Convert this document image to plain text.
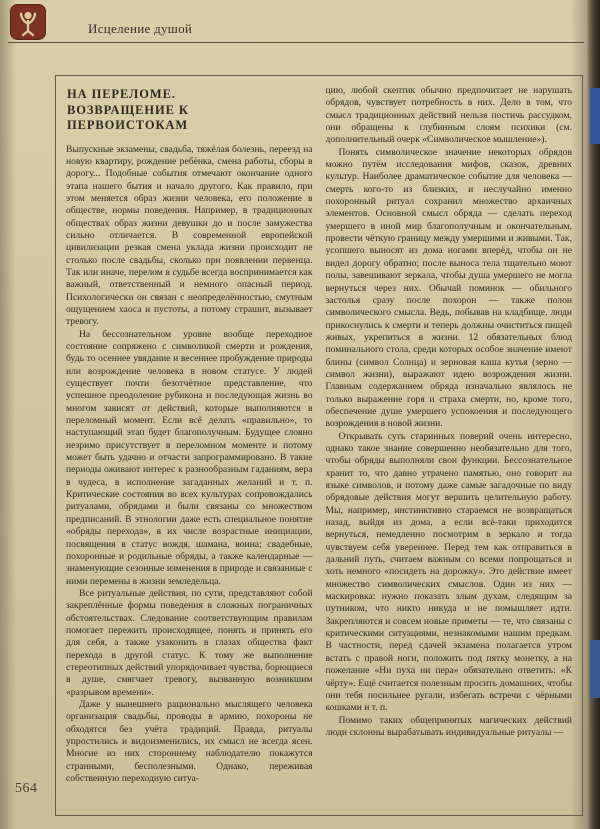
Исцеление душой
НА ПЕРЕЛОМЕ.
ВОЗВРАЩЕНИЕ К ПЕРВОИСТОКАМ

Выпускные экзамены, свадьба, тяжёлая болезнь, переезд на новую квартиру, рождение ребёнка, смена работы, сборы в дорогу... Подобные события отмечают окончание одного этапа нашего бытия и начало другого. Как правило, при этом меняется образ жизни человека, его положение в обществе, нормы поведения. Например, в традиционных обществах образ жизни девушки до и после замужества сильно отличается. В современной европейской цивилизации резкая смена уклада жизни происходит не столько после свадьбы, сколько при появлении первенца. Так или иначе, перелом в судьбе всегда воспринимается как важный, ответственный и немного опасный период. Психологически он связан с неопределённостью, смутным ощущением хаоса и пустоты, а потому страшит, вызывает тревогу.

На бессознательном уровне вообще переходное состояние сопряжено с символикой смерти и рождения, будь то осеннее увядание и весеннее пробуждение природы или возрождение человека в новом статусе. У людей существует почти безотчётное представление, что успешное преодоление рубикона и последующая жизнь во многом зависят от действий, которые выполняются в переломный момент. Если всё делать «правильно», то наступающий этап будет благополучным. Будущее словно незримо присутствует в переломном моменте и потому может быть удачно и отчасти запрограммировано. В такие периоды оживают интерес к разнообразным гаданиям, вера в чудеса, в исполнение загаданных желаний и т. п. Критические состояния во всех культурах сопровождались ритуалами, обрядами и были связаны со множеством предписаний. В этнологии даже есть специальное понятие «обряды перехода», в их числе возрастные инициации, посвящения в статус вождя, шамана, воина; свадебные, похоронные и родильные обряды, а также календарные — знаменующие сезонные изменения в природе и связанные с ними перемены в жизни земледельца.

Все ритуальные действия, по сути, представляют собой закреплённые формы поведения в сложных пограничных обстоятельствах. Следование соответствующим правилам помогает пережить происходящее, понять и принять его для себя, а также узаконить в глазах общества факт перехода в другой статус. К тому же выполнение стереотипных действий упорядочивает чувства, борющиеся в душе, смягчает тревогу, вызванную возникшим «разрывом времени».

Даже у нынешнего рационально мыслящего человека организация свадьбы, проводы в армию, похороны не обходятся без учёта традиций. Правда, ритуалы упростились и видоизменились, их смысл не всегда ясен. Многие из них стороннему наблюдателю покажутся странными, бесполезными. Однако, переживая собственную переходную ситуа-

цию, любой скептик обычно предпочитает не нарушать обрядов, чувствует потребность в них. Дело в том, что смысл традиционных действий нельзя постичь рассудком, они обращены к глубинным слоям психики (см. дополнительный очерк «Символическое мышление»).

Понять символическое значение некоторых обрядов можно путём исследования мифов, сказок, древних культур. Наиболее драматическое событие для человека — смерть кого-то из близких, и неслучайно именно похоронный ритуал сохранил множество архаичных элементов. Основной смысл обряда — сделать переход умершего в иной мир благополучным и окончательным, провести чёткую границу между умершими и живыми. Так, усопшего выносят из дома ногами вперёд, чтобы он не видел дорогу обратно; после выноса тела тщательно моют полы, завешивают зеркала, чтобы душа умершего не могла вернуться через них. Обычай поминок — обильного застолья сразу после похорон — также полон символического смысла. Ведь, побывав на кладбище, люди прикоснулись к смерти и теперь должны очиститься пищей живых, укрепиться в жизни. 12 обязательных блюд поминального стола, среди которых особое значение имеют блины (символ Солнца) и зерновая каша кутья (зерно — символ жизни), выражают идею возрождения жизни. Главным содержанием обряда изначально являлось не только выражение горя и страха смерти, но, кроме того, обеспечение душе умершего успокоения и последующего возрождения в новой жизни.

Открывать суть старинных поверий очень интересно, однако такое знание совершенно необязательно для того, чтобы обряды выполняли свои функции. Бессознательное хранит то, что давно утрачено памятью, оно говорит на языке символов, и потому даже самые загадочные по виду обрядовые действия могут вершить целительную работу. Мы, например, инстинктивно стараемся не возвращаться назад, выйдя из дома, а если всё-таки приходится вернуться, немедленно посмотрим в зеркало и тогда чувствуем себя увереннее. Перед тем как отправиться в дальний путь, считаем важным со всеми попрощаться и хоть немного «посидеть на дорожку». Это действие имеет множество символических смыслов. Один из них — маскировка: нужно показать злым духам, следящим за путником, что никто никуда и не помышляет идти. Закрепляются и совсем новые приметы — те, что связаны с критическими ситуациями, незнакомыми нашим предкам. В частности, перед сдачей экзамена полагается утром встать с правой ноги, положить под пятку монетку, а на пожелание «Ни пуха ни пера» обязательно ответить: «К чёрту». Ещё считается полезным просить домашних, чтобы они тебя посильнее ругали, избегать встречи с чёрными кошками и т. п.

Помимо таких общепринятых магических действий люди склонны вырабатывать индивидуальные ритуалы —

564
